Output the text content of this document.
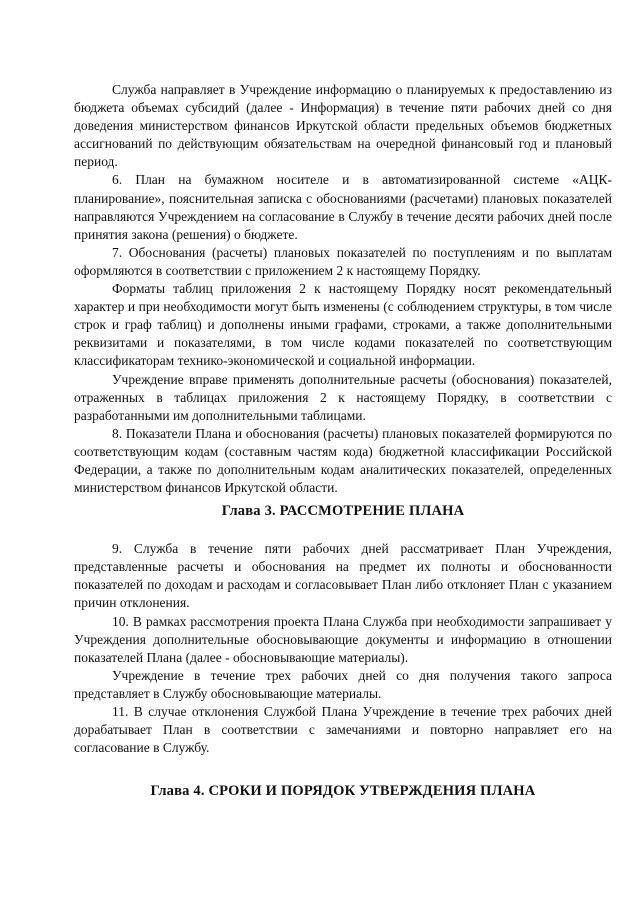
Служба направляет в Учреждение информацию о планируемых к предоставлению из бюджета объемах субсидий (далее - Информация) в течение пяти рабочих дней со дня доведения министерством финансов Иркутской области предельных объемов бюджетных ассигнований по действующим обязательствам на очередной финансовый год и плановый период.

6. План на бумажном носителе и в автоматизированной системе «АЦК-планирование», пояснительная записка с обоснованиями (расчетами) плановых показателей направляются Учреждением на согласование в Службу в течение десяти рабочих дней после принятия закона (решения) о бюджете.

7. Обоснования (расчеты) плановых показателей по поступлениям и по выплатам оформляются в соответствии с приложением 2 к настоящему Порядку.

Форматы таблиц приложения 2 к настоящему Порядку носят рекомендательный характер и при необходимости могут быть изменены (с соблюдением структуры, в том числе строк и граф таблиц) и дополнены иными графами, строками, а также дополнительными реквизитами и показателями, в том числе кодами показателей по соответствующим классификаторам технико-экономической и социальной информации.

Учреждение вправе применять дополнительные расчеты (обоснования) показателей, отраженных в таблицах приложения 2 к настоящему Порядку, в соответствии с разработанными им дополнительными таблицами.

8. Показатели Плана и обоснования (расчеты) плановых показателей формируются по соответствующим кодам (составным частям кода) бюджетной классификации Российской Федерации, а также по дополнительным кодам аналитических показателей, определенных министерством финансов Иркутской области.

Глава 3. РАССМОТРЕНИЕ ПЛАНА

9. Служба в течение пяти рабочих дней рассматривает План Учреждения, представленные расчеты и обоснования на предмет их полноты и обоснованности показателей по доходам и расходам и согласовывает План либо отклоняет План с указанием причин отклонения.

10. В рамках рассмотрения проекта Плана Служба при необходимости запрашивает у Учреждения дополнительные обосновывающие документы и информацию в отношении показателей Плана (далее - обосновывающие материалы).

Учреждение в течение трех рабочих дней со дня получения такого запроса представляет в Службу обосновывающие материалы.

11. В случае отклонения Службой Плана Учреждение в течение трех рабочих дней дорабатывает План в соответствии с замечаниями и повторно направляет его на согласование в Службу.

Глава 4. СРОКИ И ПОРЯДОК УТВЕРЖДЕНИЯ ПЛАНА
